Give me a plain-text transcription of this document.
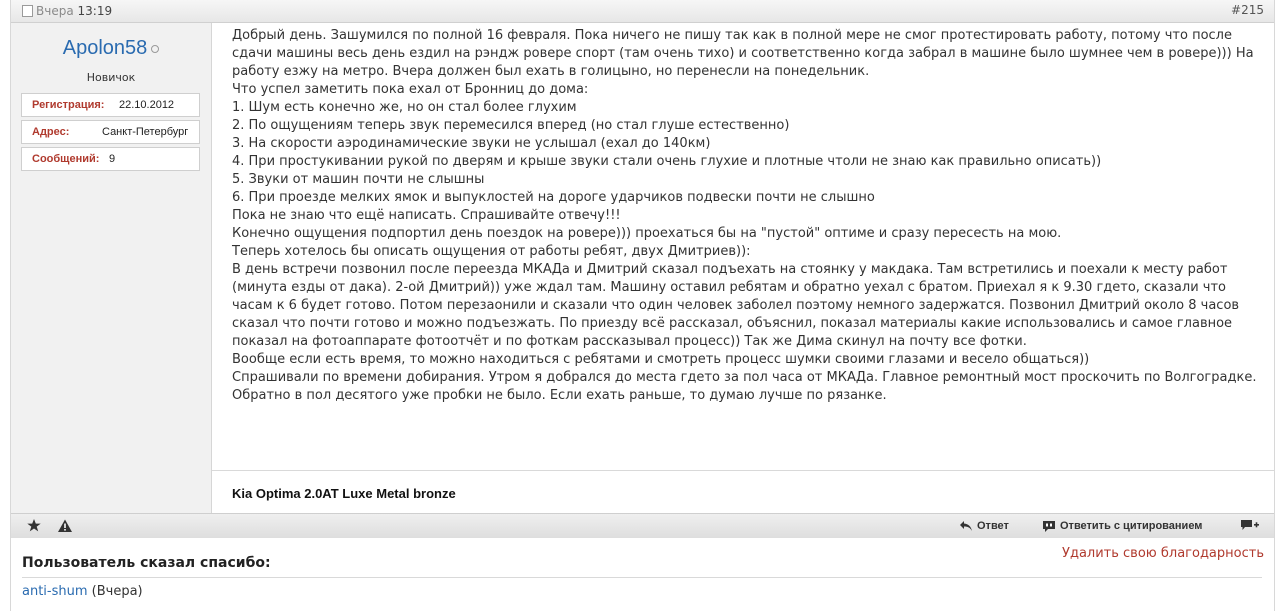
Вчера 13:19	#215
Apolon58
Новичок
Регистрация: 22.10.2012
Адрес:	Санкт-Петербург
Сообщений: 9

Добрый день. Зашумился по полной 16 февраля. Пока ничего не пишу так как в полной мере не смог протестировать работу, потому что после сдачи машины весь день ездил на рэндж ровере спорт (там очень тихо) и соответственно когда забрал в машине было шумнее чем в ровере))) На работу езжу на метро. Вчера должен был ехать в голицыно, но перенесли на понедельник.

Что успел заметить пока ехал от Бронниц до дома:

1. Шум есть конечно же, но он стал более глухим

2. По ощущениям теперь звук перемесился вперед (но стал глуше естественно)

3. На скорости аэродинамические звуки не услышал (ехал до 140км)

4. При простукивании рукой по дверям и крыше звуки стали очень глухие и плотные чтоли не знаю как правильно описать))

5. Звуки от машин почти не слышны

6. При проезде мелких ямок и выпуклостей на дороге ударчиков подвески почти не слышно

Пока не знаю что ещё написать. Спрашивайте отвечу!!!

Конечно ощущения подпортил день поездок на ровере))) проехаться бы на "пустой" оптиме и сразу пересесть на мою.

Теперь хотелось бы описать ощущения от работы ребят, двух Дмитриев)):

В день встречи позвонил после переезда МКАДа и Дмитрий сказал подъехать на стоянку у макдака. Там встретились и поехали к месту работ (минута езды от дака). 2-ой Дмитрий)) уже ждал там. Машину оставил ребятам и обратно уехал с братом. Приехал я к 9.30 гдето, сказали что часам к 6 будет готово. Потом перезаонили и сказали что один человек заболел поэтому немного задержатся. Позвонил Дмитрий около 8 часов сказал что почти готово и можно подъезжать. По приезду всё рассказал, объяснил, показал материалы какие использовались и самое главное показал на фотоаппарате фотоотчёт и по фоткам рассказывал процесс)) Так же Дима скинул на почту все фотки.

Вообще если есть время, то можно находиться с ребятами и смотреть процесс шумки своими глазами и весело общаться))

Спрашивали по времени добирания. Утром я добрался до места гдето за пол часа от МКАДа. Главное ремонтный мост проскочить по Волгоградке. Обратно в пол десятого уже пробки не было. Если ехать раньше, то думаю лучше по рязанке.

Kia Optima 2.0AT Luxe Metal bronze
Ответ	Ответить с цитированием
Пользователь сказал спасибо:
Удалить свою благодарность
anti-shum (Вчера)
